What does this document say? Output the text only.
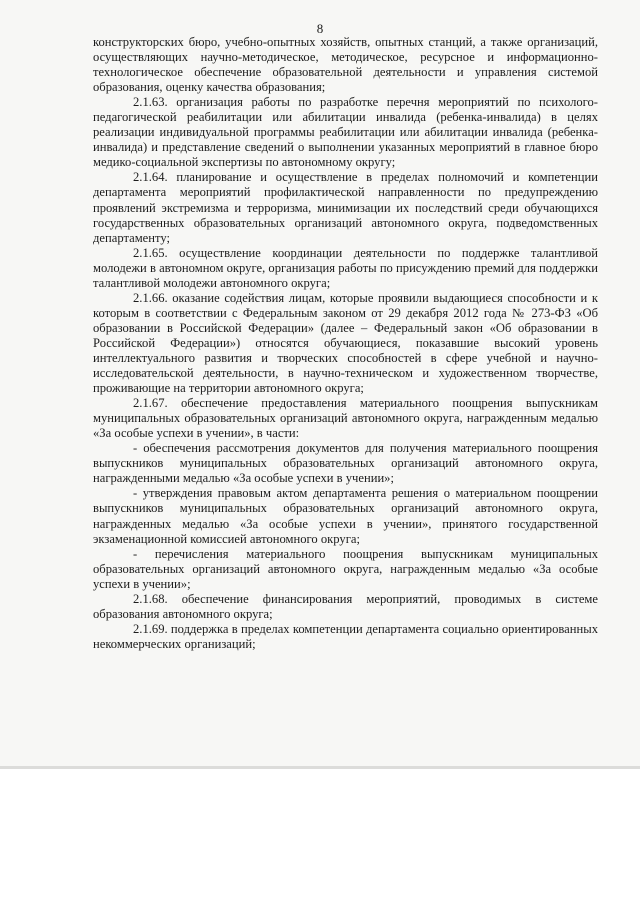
8

конструкторских бюро, учебно-опытных хозяйств, опытных станций, а также организаций, осуществляющих научно-методическое, методическое, ресурсное и информационно-технологическое обеспечение образовательной деятельности и управления системой образования, оценку качества образования;

2.1.63. организация работы по разработке перечня мероприятий по психолого-педагогической реабилитации или абилитации инвалида (ребенка-инвалида) в целях реализации индивидуальной программы реабилитации или абилитации инвалида (ребенка-инвалида) и представление сведений о выполнении указанных мероприятий в главное бюро медико-социальной экспертизы по автономному округу;

2.1.64. планирование и осуществление в пределах полномочий и компетенции департамента мероприятий профилактической направленности по предупреждению проявлений экстремизма и терроризма, минимизации их последствий среди обучающихся государственных образовательных организаций автономного округа, подведомственных департаменту;

2.1.65. осуществление координации деятельности по поддержке талантливой молодежи в автономном округе, организация работы по присуждению премий для поддержки талантливой молодежи автономного округа;

2.1.66. оказание содействия лицам, которые проявили выдающиеся способности и к которым в соответствии с Федеральным законом от 29 декабря 2012 года № 273-ФЗ «Об образовании в Российской Федерации» (далее – Федеральный закон «Об образовании в Российской Федерации») относятся обучающиеся, показавшие высокий уровень интеллектуального развития и творческих способностей в сфере учебной и научно-исследовательской деятельности, в научно-техническом и художественном творчестве, проживающие на территории автономного округа;

2.1.67. обеспечение предоставления материального поощрения выпускникам муниципальных образовательных организаций автономного округа, награжденным медалью «За особые успехи в учении», в части:

- обеспечения рассмотрения документов для получения материального поощрения выпускников муниципальных образовательных организаций автономного округа, награжденными медалью «За особые успехи в учении»;

- утверждения правовым актом департамента решения о материальном поощрении выпускников муниципальных образовательных организаций автономного округа, награжденных медалью «За особые успехи в учении», принятого государственной экзаменационной комиссией автономного округа;

- перечисления материального поощрения выпускникам муниципальных образовательных организаций автономного округа, награжденным медалью «За особые успехи в учении»;

2.1.68. обеспечение финансирования мероприятий, проводимых в системе образования автономного округа;

2.1.69. поддержка в пределах компетенции департамента социально ориентированных некоммерческих организаций;
